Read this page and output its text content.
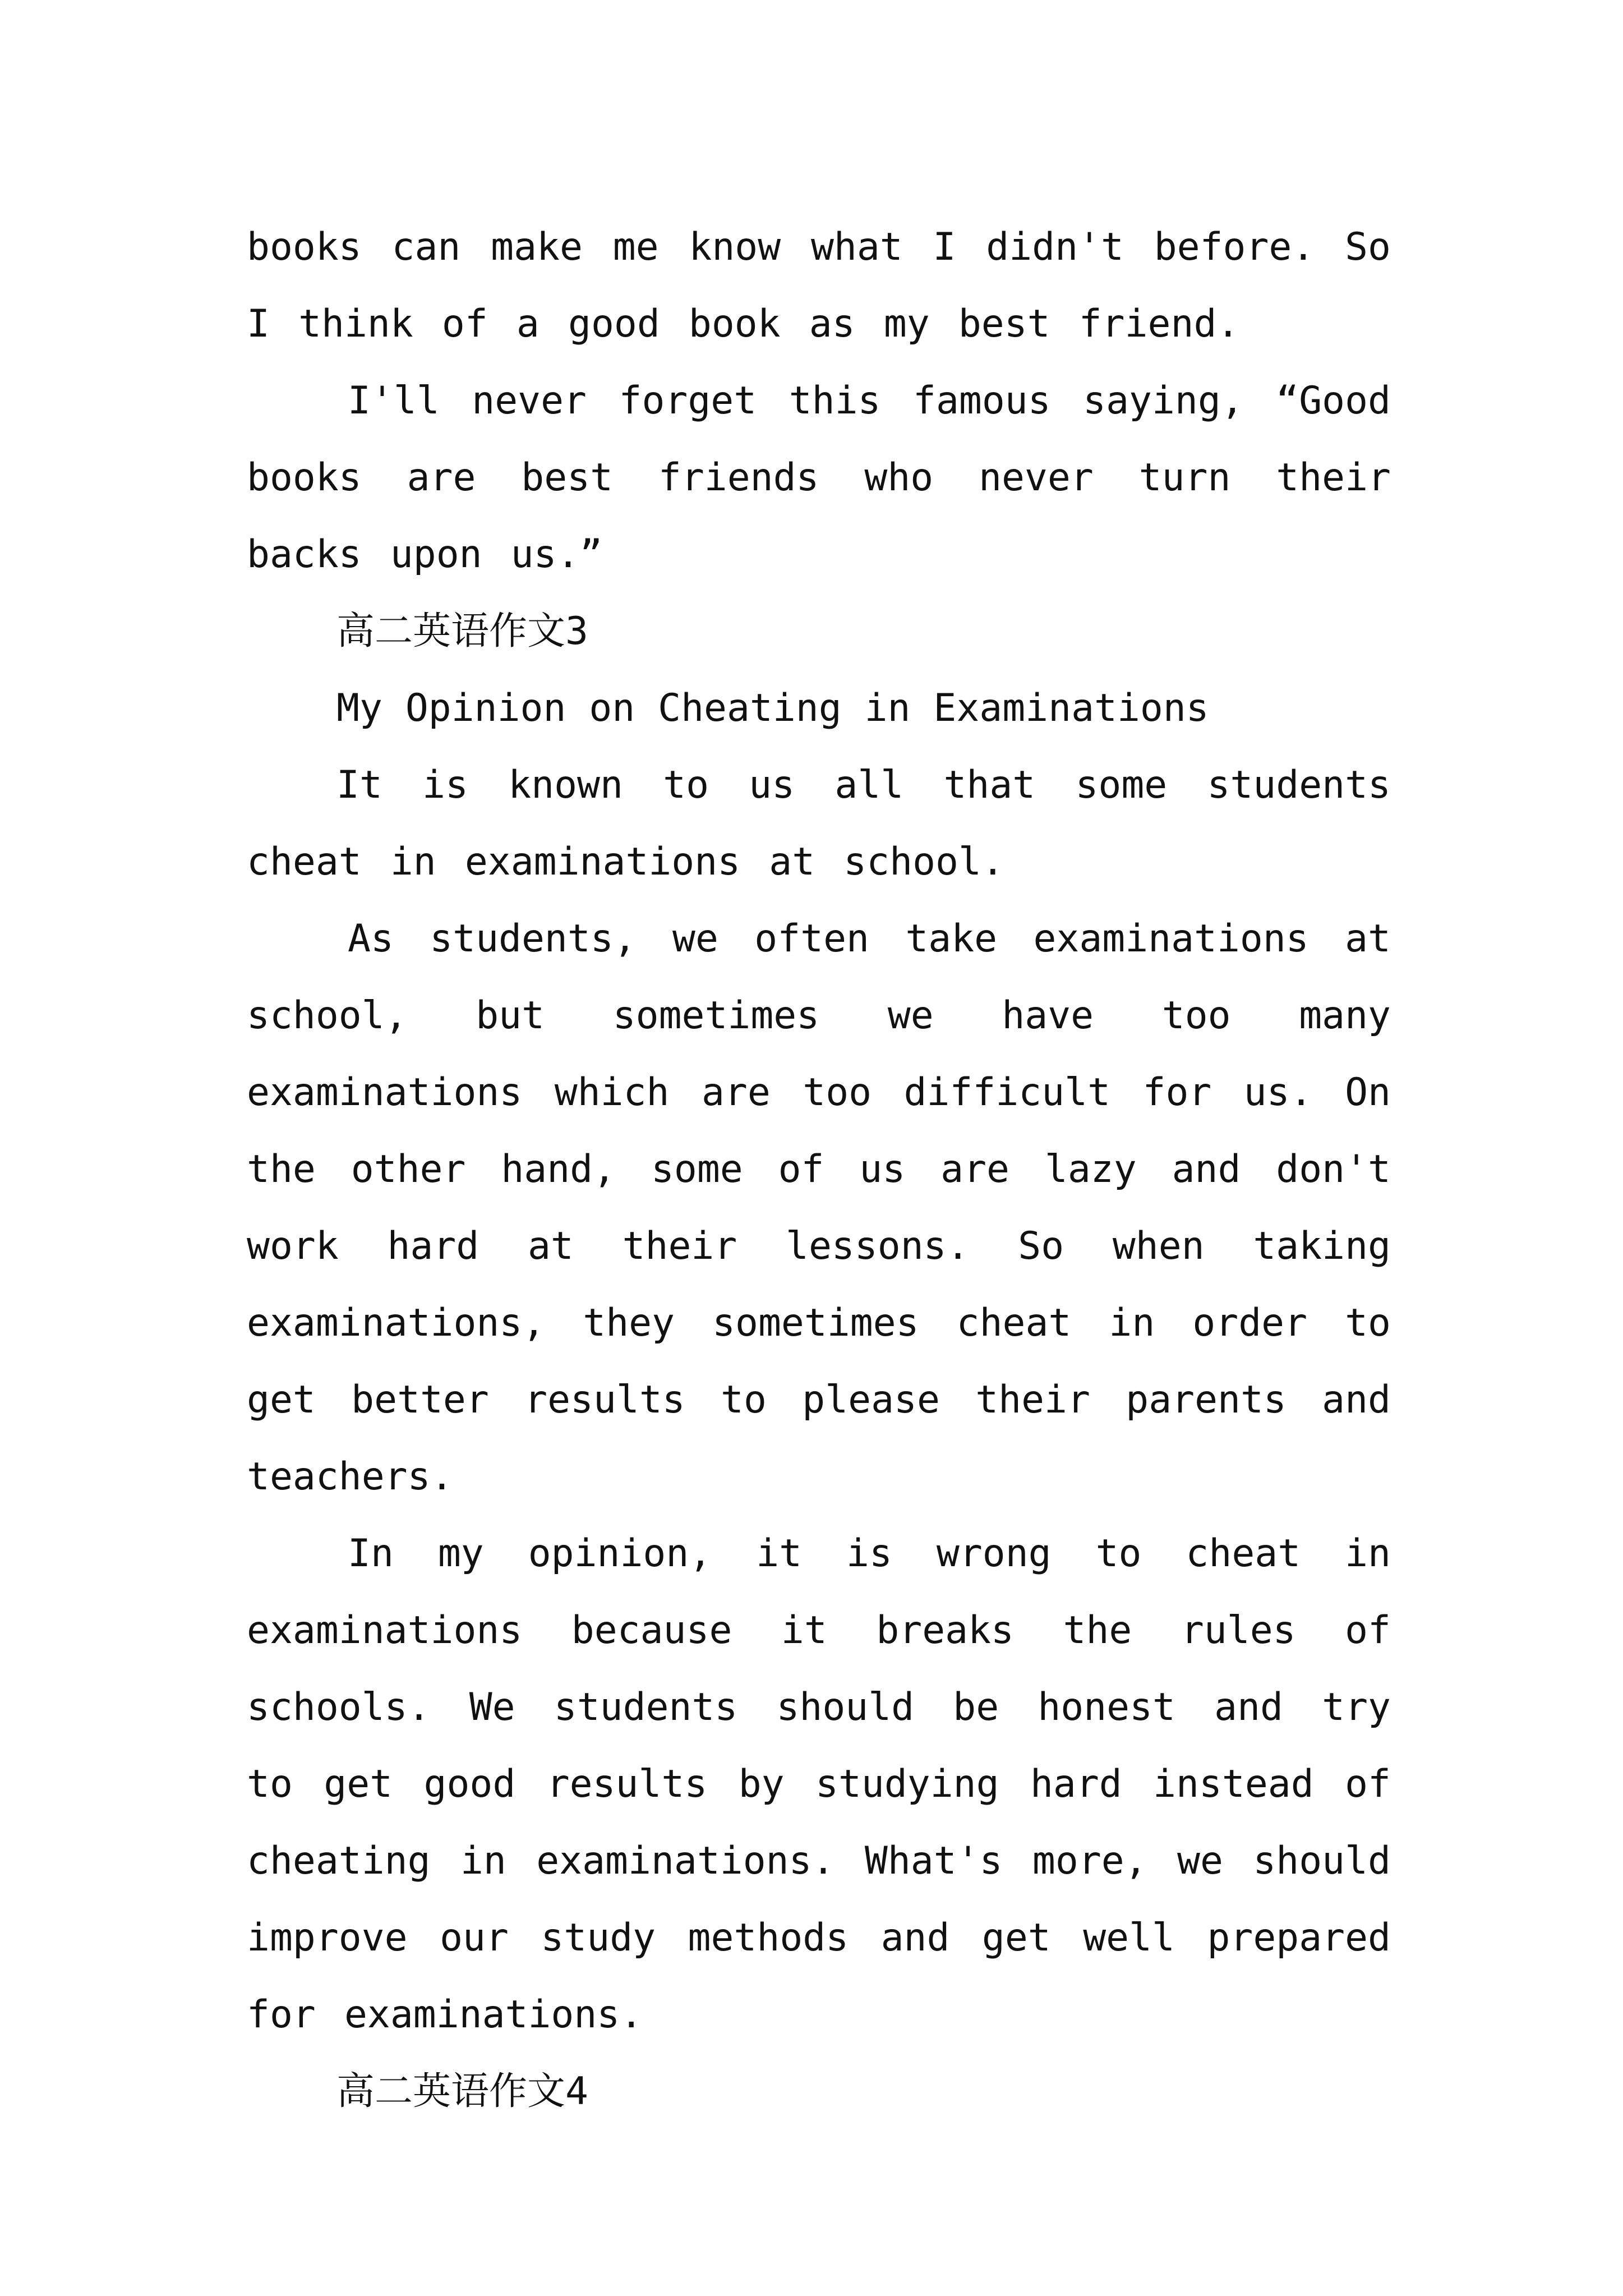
books can make me know what I didn't before. So I think of a good book as my best friend.

I'll never forget this famous saying, “Good books are best friends who never turn their backs upon us.”

高二英语作文3

My Opinion on Cheating in Examinations

It is known to us all that some students cheat in examinations at school.

As students, we often take examinations at school, but sometimes we have too many examinations which are too difficult for us. On the other hand, some of us are lazy and don't work hard at their lessons. So when taking examinations, they sometimes cheat in order to get better results to please their parents and teachers.

In my opinion, it is wrong to cheat in examinations because it breaks the rules of schools. We students should be honest and try to get good results by studying hard instead of cheating in examinations. What's more, we should improve our study methods and get well prepared for examinations.

高二英语作文4
